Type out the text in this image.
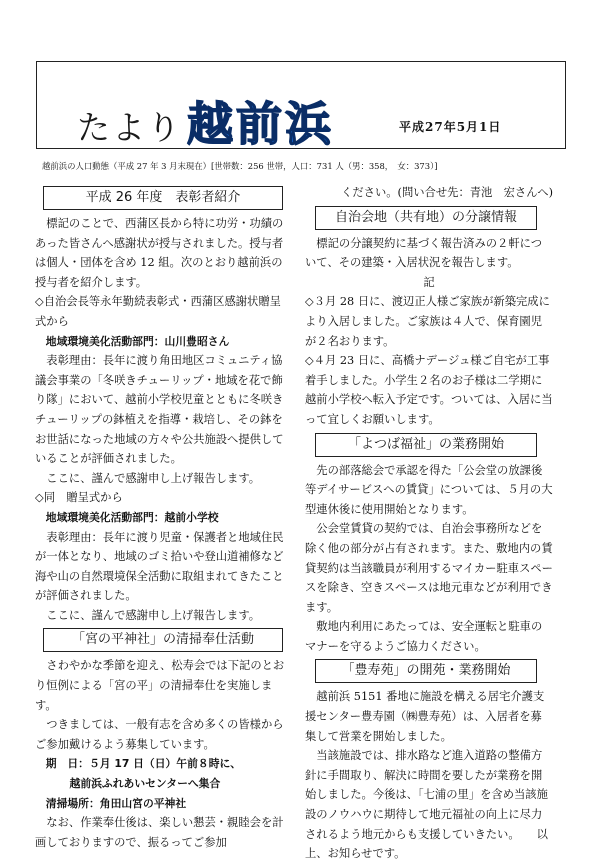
たより 越前浜	平成27年5月1日
越前浜の人口動態（平成 27 年 3 月末現在）[世帯数：256 世帯，人口：731 人（男：358，　女：373）]
平成 26 年度　表彰者紹介

標記のことで、西蒲区長から特に功労・功績のあった皆さんへ感謝状が授与されました。授与者は個人・団体を含め 12 組。次のとおり越前浜の授与者を紹介します。

◇自治会長等永年勤続表彰式・西蒲区感謝状贈呈式から

地域環境美化活動部門：山川豊昭さん

表彰理由：長年に渡り角田地区コミュニティ協議会事業の「冬咲きチューリップ・地域を花で飾り隊」において、越前小学校児童とともに冬咲きチューリップの鉢植えを指導・栽培し、その鉢をお世話になった地域の方々や公共施設へ提供していることが評価されました。

ここに、謹んで感謝申し上げ報告します。

◇同　贈呈式から

地域環境美化活動部門：越前小学校

表彰理由：長年に渡り児童・保護者と地域住民が一体となり、地域のゴミ拾いや登山道補修など海や山の自然環境保全活動に取組まれてきたことが評価されました。

ここに、謹んで感謝申し上げ報告します。

「宮の平神社」の清掃奉仕活動

さわやかな季節を迎え、松寿会では下記のとおり恒例による「宮の平」の清掃奉仕を実施します。

つきましては、一般有志を含め多くの皆様からご参加戴けるよう募集しています。

期　日：５月 17 日（日）午前８時に、

越前浜ふれあいセンターへ集合

清掃場所：角田山宮の平神社

なお、作業奉仕後は、楽しい懇芸・親睦会を計画しておりますので、振るってご参加

ください。(問い合せ先：青池　宏さんへ)

自治会地（共有地）の分譲情報

標記の分譲契約に基づく報告済みの２軒について、その建築・入居状況を報告します。

記

◇３月 28 日に、渡辺正人様ご家族が新築完成により入居しました。ご家族は４人で、保育園児が２名おります。

◇４月 23 日に、高橋ナデージュ様ご自宅が工事着手しました。小学生２名のお子様は二学期に越前小学校へ転入予定です。ついては、入居に当って宜しくお願いします。

「よつば福祉」の業務開始

先の部落総会で承認を得た「公会堂の放課後等デイサービスへの賃貸」については、５月の大型連休後に使用開始となります。

公会堂賃貸の契約では、自治会事務所などを除く他の部分が占有されます。また、敷地内の賃貸契約は当該職員が利用するマイカー駐車スペースを除き、空きスペースは地元車などが利用できます。

敷地内利用にあたっては、安全運転と駐車のマナーを守るようご協力ください。

「豊寿苑」の開苑・業務開始

越前浜 5151 番地に施設を構える居宅介護支援センター豊寿園（㈱豊寿苑）は、入居者を募集して営業を開始しました。

当該施設では、排水路など進入道路の整備方針に手間取り、解決に時間を要したが業務を開始しました。今後は、「七浦の里」を含め当該施設のノウハウに期待して地元福祉の向上に尽力されるよう地元からも支援していきたい。　　以上、お知らせです。
